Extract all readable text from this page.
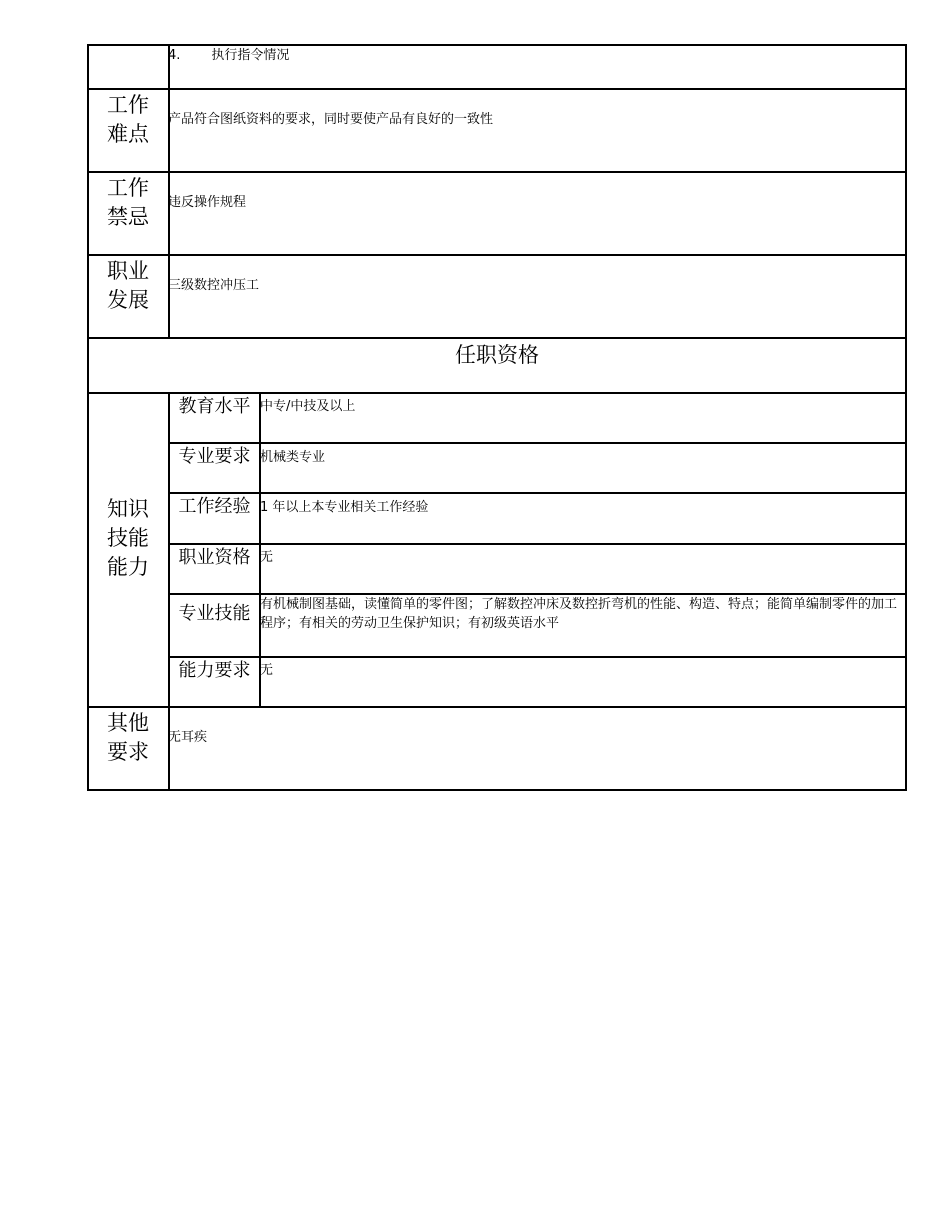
4. 执行指令情况
工作
难点
产品符合图纸资料的要求，同时要使产品有良好的一致性
工作
禁忌
违反操作规程
职业
发展
三级数控冲压工
任职资格
知识
技能
能力
教育水平 中专/中技及以上
专业要求 机械类专业
工作经验 1 年以上本专业相关工作经验
职业资格 无
专业技能 有机械制图基础，读懂简单的零件图；了解数控冲床及数控折弯机的性能、构造、特点；能简单编制零件的加工程序；有相关的劳动卫生保护知识；有初级英语水平
能力要求 无
其他
要求
无耳疾
